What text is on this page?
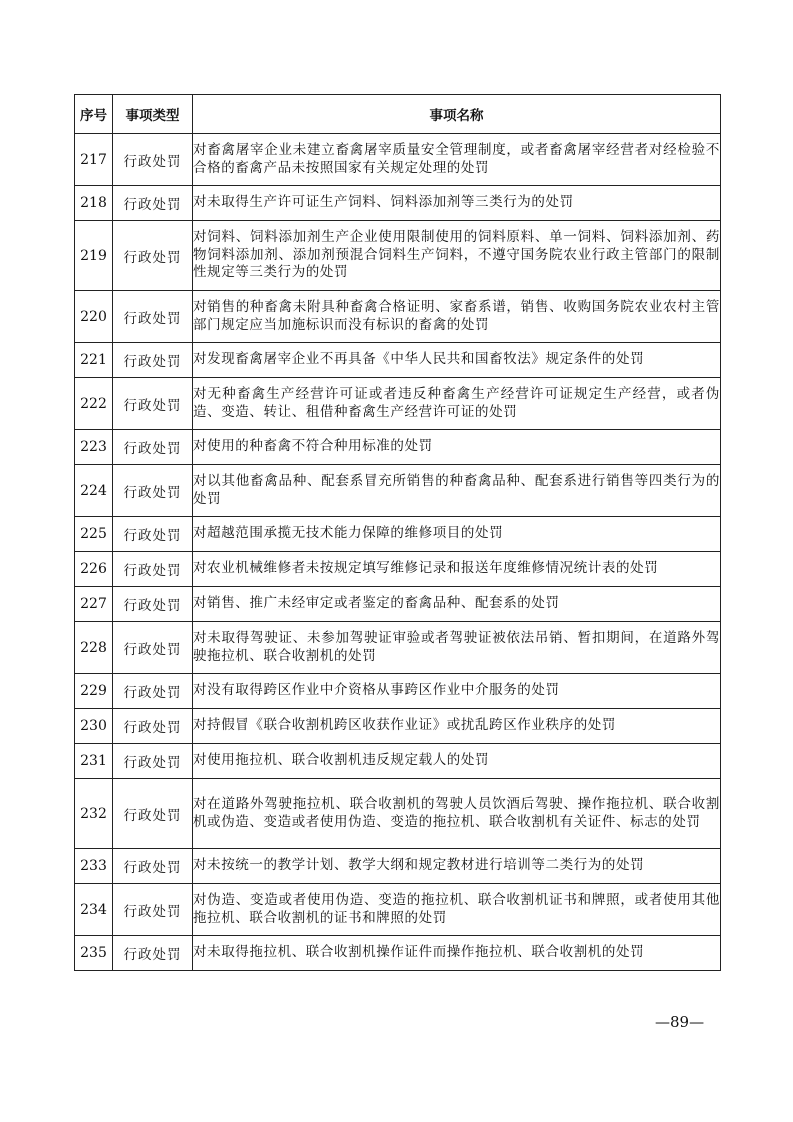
序号	事项类型	事项名称
217	行政处罚	对畜禽屠宰企业未建立畜禽屠宰质量安全管理制度，或者畜禽屠宰经营者对经检验不合格的畜禽产品未按照国家有关规定处理的处罚
218	行政处罚	对未取得生产许可证生产饲料、饲料添加剂等三类行为的处罚
219	行政处罚	对饲料、饲料添加剂生产企业使用限制使用的饲料原料、单一饲料、饲料添加剂、药物饲料添加剂、添加剂预混合饲料生产饲料，不遵守国务院农业行政主管部门的限制性规定等三类行为的处罚
220	行政处罚	对销售的种畜禽未附具种畜禽合格证明、家畜系谱，销售、收购国务院农业农村主管部门规定应当加施标识而没有标识的畜禽的处罚
221	行政处罚	对发现畜禽屠宰企业不再具备《中华人民共和国畜牧法》规定条件的处罚
222	行政处罚	对无种畜禽生产经营许可证或者违反种畜禽生产经营许可证规定生产经营，或者伪造、变造、转让、租借种畜禽生产经营许可证的处罚
223	行政处罚	对使用的种畜禽不符合种用标准的处罚
224	行政处罚	对以其他畜禽品种、配套系冒充所销售的种畜禽品种、配套系进行销售等四类行为的处罚
225	行政处罚	对超越范围承揽无技术能力保障的维修项目的处罚
226	行政处罚	对农业机械维修者未按规定填写维修记录和报送年度维修情况统计表的处罚
227	行政处罚	对销售、推广未经审定或者鉴定的畜禽品种、配套系的处罚
228	行政处罚	对未取得驾驶证、未参加驾驶证审验或者驾驶证被依法吊销、暂扣期间，在道路外驾驶拖拉机、联合收割机的处罚
229	行政处罚	对没有取得跨区作业中介资格从事跨区作业中介服务的处罚
230	行政处罚	对持假冒《联合收割机跨区收获作业证》或扰乱跨区作业秩序的处罚
231	行政处罚	对使用拖拉机、联合收割机违反规定载人的处罚
232	行政处罚	对在道路外驾驶拖拉机、联合收割机的驾驶人员饮酒后驾驶、操作拖拉机、联合收割机或伪造、变造或者使用伪造、变造的拖拉机、联合收割机有关证件、标志的处罚
233	行政处罚	对未按统一的教学计划、教学大纲和规定教材进行培训等二类行为的处罚
234	行政处罚	对伪造、变造或者使用伪造、变造的拖拉机、联合收割机证书和牌照，或者使用其他拖拉机、联合收割机的证书和牌照的处罚
235	行政处罚	对未取得拖拉机、联合收割机操作证件而操作拖拉机、联合收割机的处罚
—89—
